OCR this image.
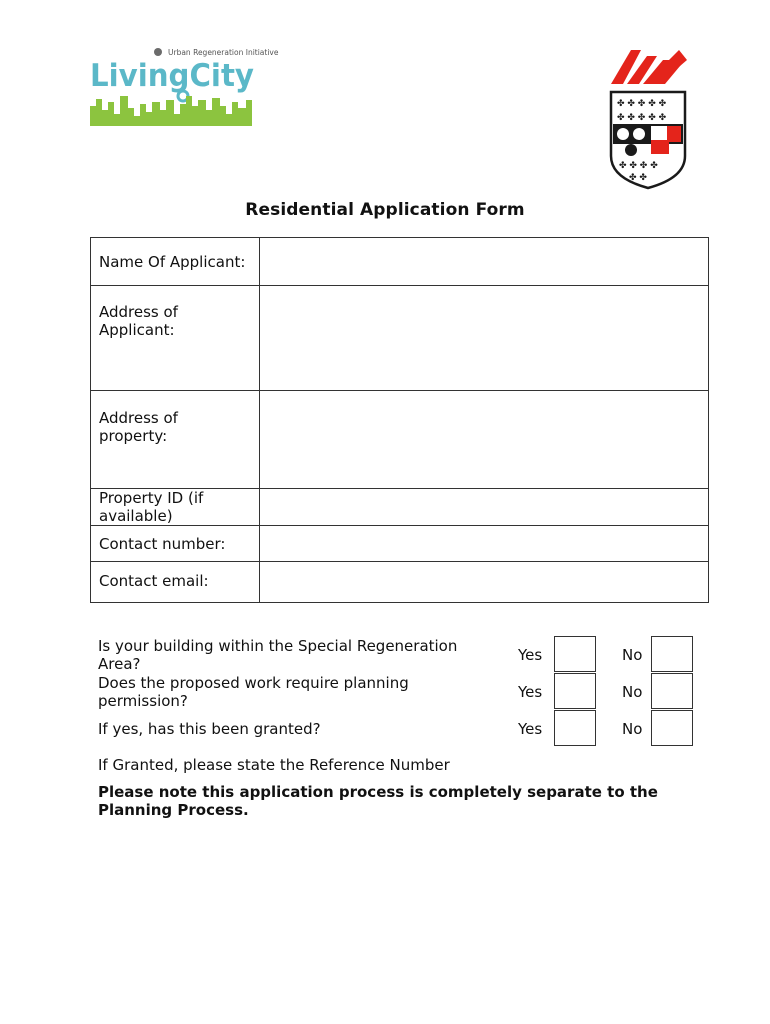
Urban Regeneration Initiative
LivingCity
✤ ✤ ✤ ✤ ✤
✤ ✤ ✤ ✤ ✤
✤ ✤ ✤ ✤
✤ ✤
Residential Application Form
Name Of Applicant:	

Address of Applicant:	

Address of property:	

Property ID (if available)	

Contact number:	

Contact email:	

Is your building within the Special Regeneration Area?	Yes	No
Does the proposed work require planning permission?	Yes	No
If yes, has this been granted?	Yes	No
If Granted, please state the Reference Number
Please note this application process is completely separate to the Planning Process.
